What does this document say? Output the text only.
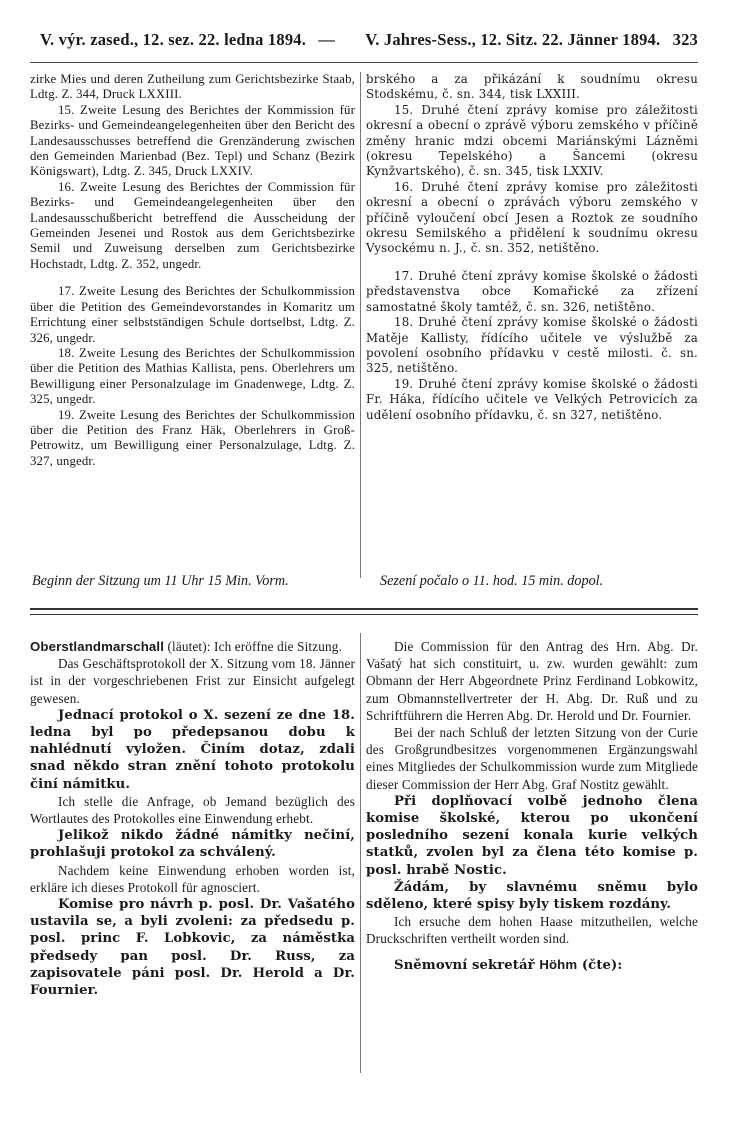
V. výr. zased., 12. sez. 22. ledna 1894. — V. Jahres-Sess., 12. Sitz. 22. Jänner 1894. 323

zirke Mies und deren Zutheilung zum Gerichtsbezirke Staab, Ldtg. Z. 344, Druck LXXIII.

15. Zweite Lesung des Berichtes der Kommission für Bezirks- und Gemeindeangelegenheiten über den Bericht des Landesausschusses betreffend die Grenzänderung zwischen den Gemeinden Marienbad (Bez. Tepl) und Schanz (Bezirk Königswart), Ldtg. Z. 345, Druck LXXIV.

16. Zweite Lesung des Berichtes der Commission für Bezirks- und Gemeindeangelegenheiten über den Landesausschußbericht betreffend die Ausscheidung der Gemeinden Jesenei und Rostok aus dem Gerichtsbezirke Semil und Zuweisung derselben zum Gerichtsbezirke Hochstadt, Ldtg. Z. 352, ungedr.

17. Zweite Lesung des Berichtes der Schulkommission über die Petition des Gemeindevorstandes in Komaritz um Errichtung einer selbstständigen Schule dortselbst, Ldtg. Z. 326, ungedr.

18. Zweite Lesung des Berichtes der Schulkommission über die Petition des Mathias Kallista, pens. Oberlehrers um Bewilligung einer Personalzulage im Gnadenwege, Ldtg. Z. 325, ungedr.

19. Zweite Lesung des Berichtes der Schulkommission über die Petition des Franz Häk, Oberlehrers in Groß-Petrowitz, um Bewilligung einer Personalzulage, Ldtg. Z. 327, ungedr.

brského a za přikázání k soudnímu okresu Stodskému, č. sn. 344, tisk LXXIII.

15. Druhé čtení zprávy komise pro záležitosti okresní a obecní o zprávě výboru zemského v příčině změny hranic mdzi obcemi Mariánskými Lázněmi (okresu Tepelského) a Šancemi (okresu Kynžvartského), č. sn. 345, tisk LXXIV.

16. Druhé čtení zprávy komise pro záležitosti okresní a obecní o zprávách výboru zemského v příčině vyloučení obcí Jesen a Roztok ze soudního okresu Semilského a přidělení k soudnímu okresu Vysockému n. J., č. sn. 352, netištěno.

17. Druhé čtení zprávy komise školské o žádosti představenstva obce Komařické za zřízení samostatné školy tamtéž, č. sn. 326, netištěno.

18. Druhé čtení zprávy komise školské o žádosti Matěje Kallisty, řídícího učitele ve výslužbě za povolení osobního přídavku v cestě milosti. č. sn. 325, netištěno.

19. Druhé čtení zprávy komise školské o žádosti Fr. Háka, řídícího učitele ve Velkých Petrovicích za udělení osobního přídavku, č. sn 327, netištěno.

Beginn der Sitzung um 11 Uhr 15 Min. Vorm.	Sezení počalo o 11. hod. 15 min. dopol.

Oberstlandmarschall (läutet): Ich eröffne die Sitzung.

Das Geschäftsprotokoll der X. Sitzung vom 18. Jänner ist in der vorgeschriebenen Frist zur Einsicht aufgelegt gewesen.

Jednací protokol o X. sezení ze dne 18. ledna byl po předepsanou dobu k nahlédnutí vyložen. Činím dotaz, zdali snad někdo stran znění tohoto protokolu činí námitku.

Ich stelle die Anfrage, ob Jemand bezüglich des Wortlautes des Protokolles eine Einwendung erhebt.

Jelikož nikdo žádné námitky nečiní, prohlašuji protokol za schválený.

Nachdem keine Einwendung erhoben worden ist, erkläre ich dieses Protokoll für agnosciert.

Komise pro návrh p. posl. Dr. Vašatého ustavila se, a byli zvoleni: za předsedu p. posl. princ F. Lobkovic, za náměstka předsedy pan posl. Dr. Russ, za zapisovatele páni posl. Dr. Herold a Dr. Fournier.

Die Commission für den Antrag des Hrn. Abg. Dr. Vašatý hat sich constituirt, u. zw. wurden gewählt: zum Obmann der Herr Abgeordnete Prinz Ferdinand Lobkowitz, zum Obmannstellvertreter der H. Abg. Dr. Ruß und zu Schriftführern die Herren Abg. Dr. Herold und Dr. Fournier.

Bei der nach Schluß der letzten Sitzung von der Curie des Großgrundbesitzes vorgenommenen Ergänzungswahl eines Mitgliedes der Schulkommission wurde zum Mitgliede dieser Commission der Herr Abg. Graf Nostitz gewählt.

Při doplňovací volbě jednoho člena komise školské, kterou po ukončení posledního sezení konala kurie velkých statků, zvolen byl za člena této komise p. posl. hrabě Nostic.

Žádám, by slavnému sněmu bylo sděleno, které spisy byly tiskem rozdány.

Ich ersuche dem hohen Haase mitzutheilen, welche Druckschriften vertheilt worden sind.

Sněmovní sekretář Höhm (čte):
